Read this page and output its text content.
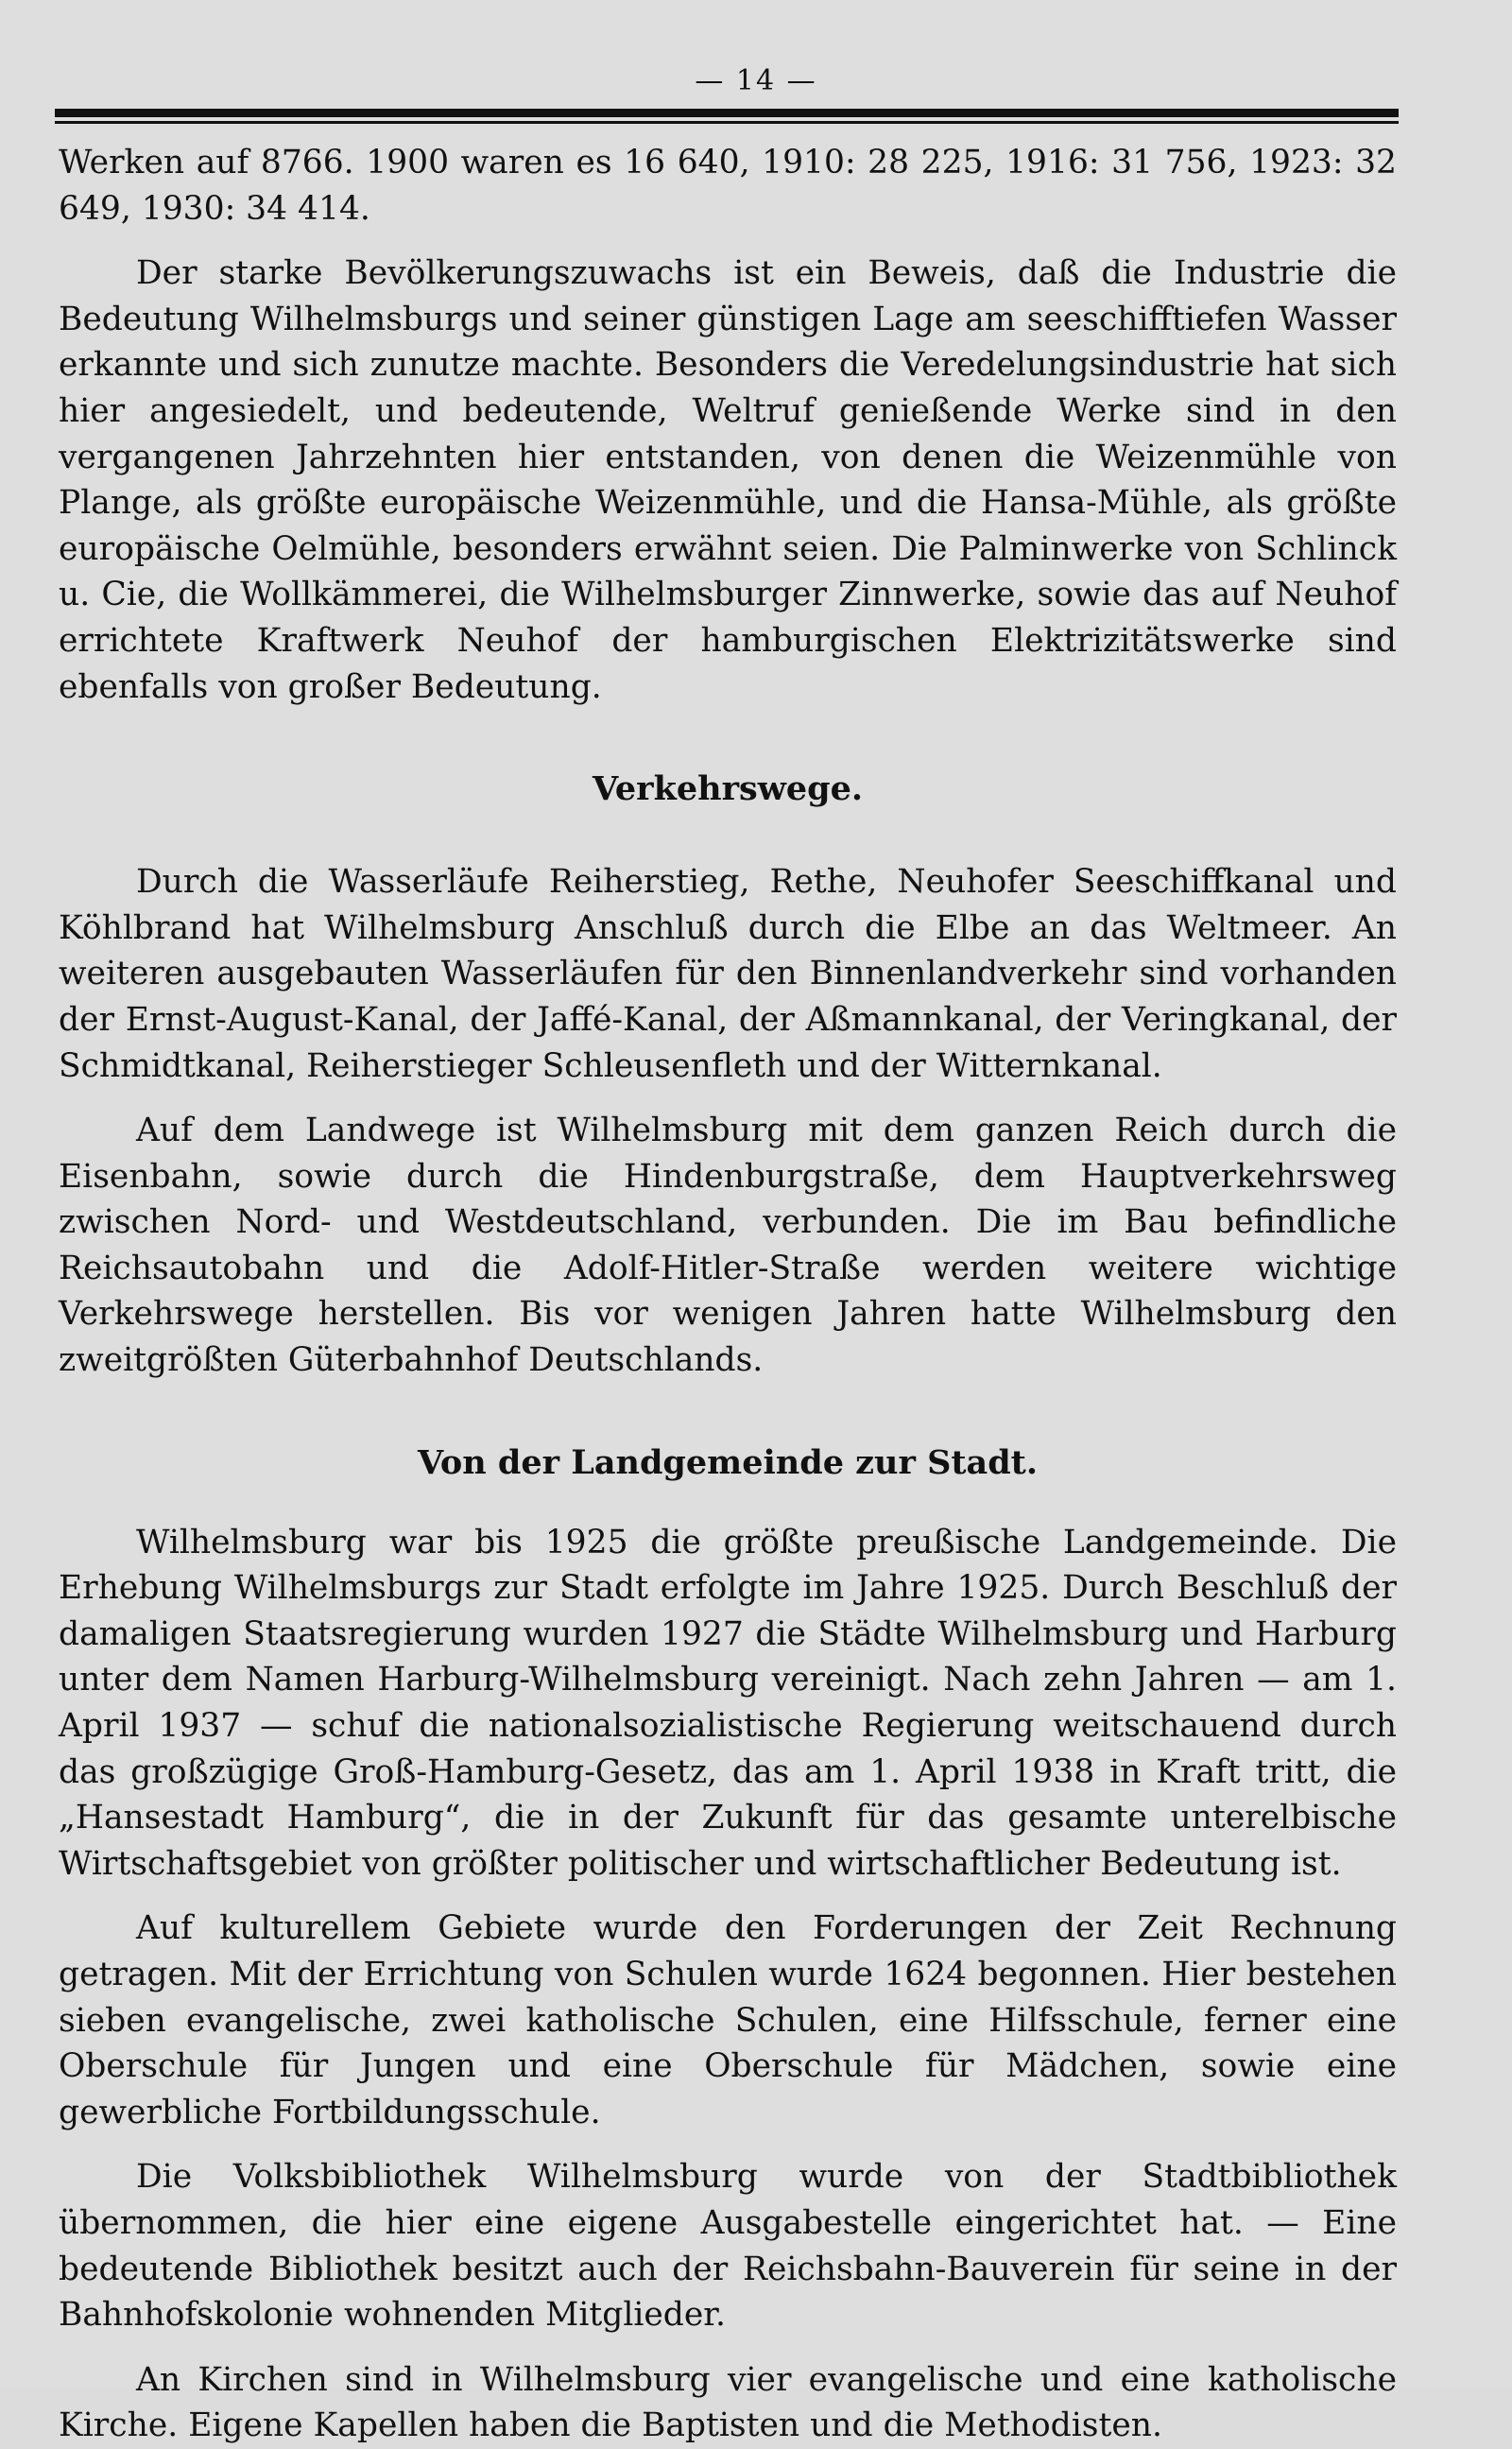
— 14 —

Werken auf 8766. 1900 waren es 16 640, 1910: 28 225, 1916: 31 756, 1923: 32 649, 1930: 34 414.

Der starke Bevölkerungszuwachs ist ein Beweis, daß die Industrie die Bedeutung Wilhelmsburgs und seiner günstigen Lage am seeschifftiefen Wasser erkannte und sich zunutze machte. Besonders die Veredelungsindustrie hat sich hier angesiedelt, und bedeutende, Weltruf genießende Werke sind in den vergangenen Jahrzehnten hier entstanden, von denen die Weizenmühle von Plange, als größte europäische Weizenmühle, und die Hansa-Mühle, als größte europäische Oelmühle, besonders erwähnt seien. Die Palminwerke von Schlinck u. Cie, die Wollkämmerei, die Wilhelmsburger Zinnwerke, sowie das auf Neuhof errichtete Kraftwerk Neuhof der hamburgischen Elektrizitätswerke sind ebenfalls von großer Bedeutung.

Verkehrswege.

Durch die Wasserläufe Reiherstieg, Rethe, Neuhofer Seeschiffkanal und Köhlbrand hat Wilhelmsburg Anschluß durch die Elbe an das Weltmeer. An weiteren ausgebauten Wasserläufen für den Binnenlandverkehr sind vorhanden der Ernst-August-Kanal, der Jaffé-Kanal, der Aßmannkanal, der Veringkanal, der Schmidtkanal, Reiherstieger Schleusenfleth und der Witternkanal.

Auf dem Landwege ist Wilhelmsburg mit dem ganzen Reich durch die Eisenbahn, sowie durch die Hindenburgstraße, dem Hauptverkehrsweg zwischen Nord- und Westdeutschland, verbunden. Die im Bau befindliche Reichsautobahn und die Adolf-Hitler-Straße werden weitere wichtige Verkehrswege herstellen. Bis vor wenigen Jahren hatte Wilhelmsburg den zweitgrößten Güterbahnhof Deutschlands.

Von der Landgemeinde zur Stadt.

Wilhelmsburg war bis 1925 die größte preußische Landgemeinde. Die Erhebung Wilhelmsburgs zur Stadt erfolgte im Jahre 1925. Durch Beschluß der damaligen Staatsregierung wurden 1927 die Städte Wilhelmsburg und Harburg unter dem Namen Harburg-Wilhelmsburg vereinigt. Nach zehn Jahren — am 1. April 1937 — schuf die nationalsozialistische Regierung weitschauend durch das großzügige Groß-Hamburg-Gesetz, das am 1. April 1938 in Kraft tritt, die „Hansestadt Hamburg“, die in der Zukunft für das gesamte unterelbische Wirtschaftsgebiet von größter politischer und wirtschaftlicher Bedeutung ist.

Auf kulturellem Gebiete wurde den Forderungen der Zeit Rechnung getragen. Mit der Errichtung von Schulen wurde 1624 begonnen. Hier bestehen sieben evangelische, zwei katholische Schulen, eine Hilfsschule, ferner eine Oberschule für Jungen und eine Oberschule für Mädchen, sowie eine gewerbliche Fortbildungsschule.

Die Volksbibliothek Wilhelmsburg wurde von der Stadtbibliothek übernommen, die hier eine eigene Ausgabestelle eingerichtet hat. — Eine bedeutende Bibliothek besitzt auch der Reichsbahn-Bauverein für seine in der Bahnhofskolonie wohnenden Mitglieder.

An Kirchen sind in Wilhelmsburg vier evangelische und eine katholische Kirche. Eigene Kapellen haben die Baptisten und die Methodisten.
